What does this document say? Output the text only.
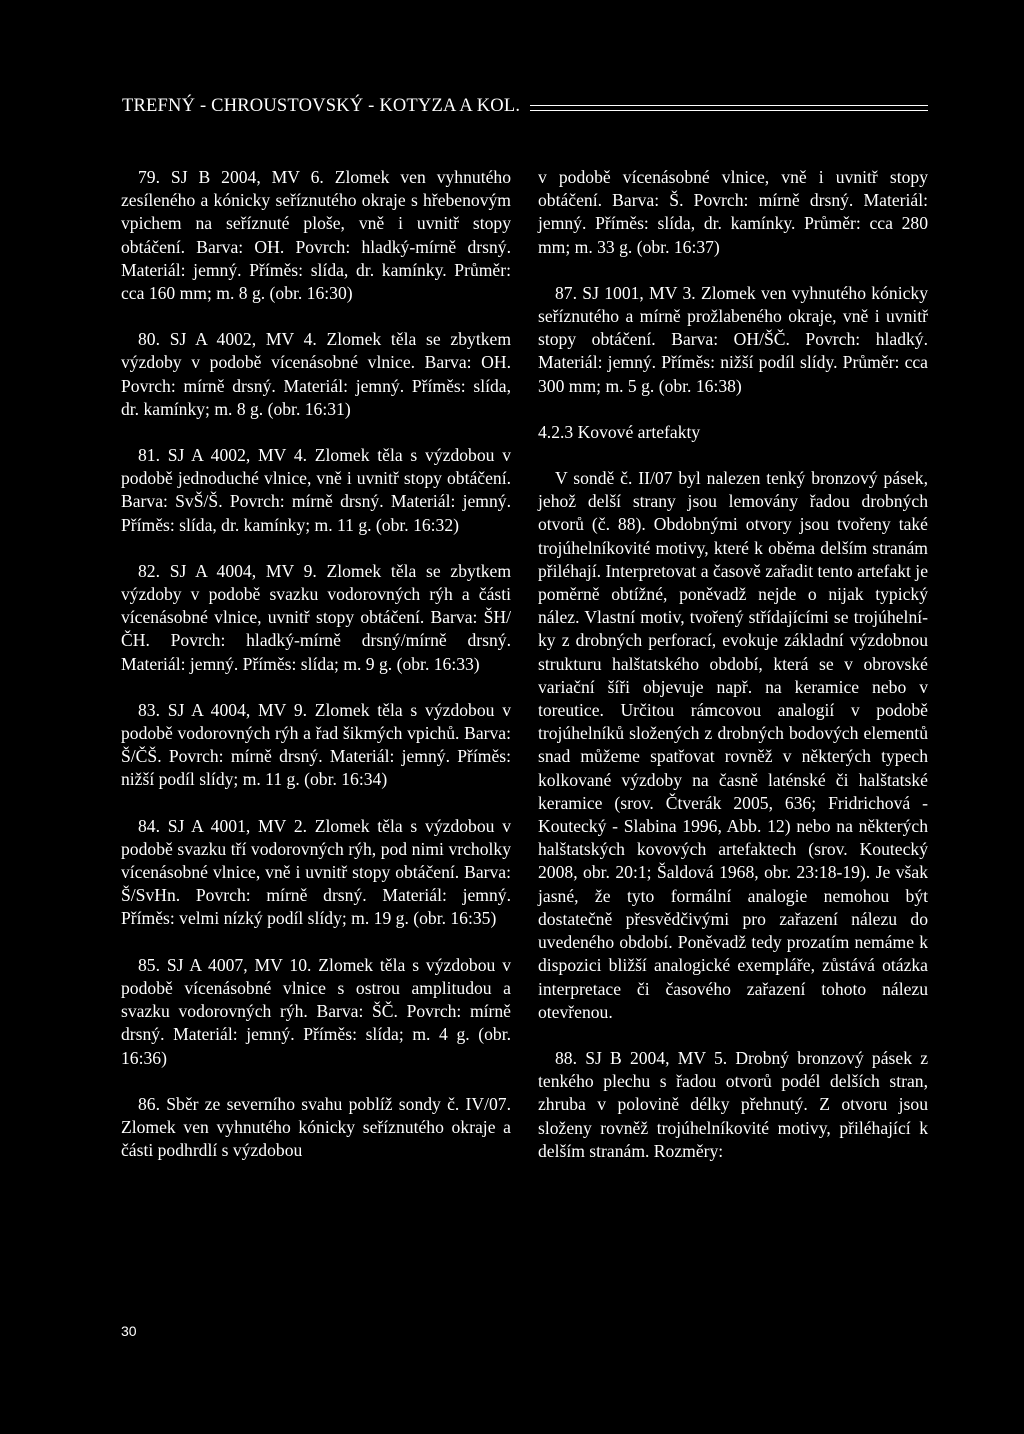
TREFNÝ - CHROUSTOVSKÝ - KOTYZA A KOL.

79. SJ B 2004, MV 6. Zlomek ven vyhnutého zesíleného a kónicky seříznutého okraje s hřebenovým vpichem na seříznuté ploše, vně i uvnitř stopy obtáčení. Barva: OH. Povrch: hladký-mírně drsný. Materiál: jemný. Příměs: slída, dr. kamínky. Průměr: cca 160 mm; m. 8 g. (obr. 16:30)

80. SJ A 4002, MV 4. Zlomek těla se zbytkem výzdoby v podobě vícenásobné vlnice. Barva: OH. Povrch: mírně drsný. Materiál: jemný. Příměs: slída, dr. kamínky; m. 8 g. (obr. 16:31)

81. SJ A 4002, MV 4. Zlomek těla s výzdobou v podobě jednoduché vlnice, vně i uvnitř stopy obtáčení. Barva: SvŠ/Š. Povrch: mírně drsný. Materiál: jemný. Příměs: slída, dr. kamínky; m. 11 g. (obr. 16:32)

82. SJ A 4004, MV 9. Zlomek těla se zbytkem výzdoby v podobě svazku vodorovných rýh a části vícenásobné vlnice, uvnitř stopy obtáčení. Barva: ŠH/ČH. Povrch: hladký-mírně drsný/mírně drsný. Materiál: jemný. Příměs: slída; m. 9 g. (obr. 16:33)

83. SJ A 4004, MV 9. Zlomek těla s výzdobou v podobě vodorovných rýh a řad šikmých vpichů. Barva: Š/ČŠ. Povrch: mírně drsný. Materiál: jemný. Příměs: nižší podíl slídy; m. 11 g. (obr. 16:34)

84. SJ A 4001, MV 2. Zlomek těla s výzdobou v podobě svazku tří vodorovných rýh, pod nimi vrcholky vícenásobné vlnice, vně i uvnitř stopy obtáčení. Barva: Š/SvHn. Povrch: mírně drsný. Materiál: jemný. Příměs: velmi nízký podíl slídy; m. 19 g. (obr. 16:35)

85. SJ A 4007, MV 10. Zlomek těla s výzdobou v podobě vícenásobné vlnice s ostrou amplitudou a svazku vodorovných rýh. Barva: ŠČ. Povrch: mírně drsný. Materiál: jemný. Příměs: slída; m. 4 g. (obr. 16:36)

86. Sběr ze severního svahu poblíž sondy č. IV/07. Zlomek ven vyhnutého kónicky seříznutého okraje a části podhrdlí s výzdobou

v podobě vícenásobné vlnice, vně i uvnitř stopy obtáčení. Barva: Š. Povrch: mírně drsný. Materiál: jemný. Příměs: slída, dr. kamínky. Průměr: cca 280 mm; m. 33 g. (obr. 16:37)

87. SJ 1001, MV 3. Zlomek ven vyhnutého kónicky seříznutého a mírně prožlabeného okraje, vně i uvnitř stopy obtáčení. Barva: OH/ŠČ. Povrch: hladký. Materiál: jemný. Příměs: nižší podíl slídy. Průměr: cca 300 mm; m. 5 g. (obr. 16:38)

4.2.3 Kovové artefakty

V sondě č. II/07 byl nalezen tenký bronzový pásek, jehož delší strany jsou lemovány řadou drobných otvorů (č. 88). Obdobnými otvory jsou tvořeny také trojúhelníkovité motivy, které k oběma delším stranám přiléhají. Interpretovat a časově zařadit tento artefakt je poměrně obtížné, poněvadž nejde o nijak typický nález. Vlastní motiv, tvořený střídajícími se trojúhelníky z drobných perforací, evokuje základní výzdobnou strukturu halštatského období, která se v obrovské variační šíři objevuje např. na keramice nebo v toreutice. Určitou rámcovou analogií v podobě trojúhelníků složených z drobných bodových elementů snad můžeme spatřovat rovněž v některých typech kolkované výzdoby na časně laténské či halštatské keramice (srov. Čtverák 2005, 636; Fridrichová - Koutecký - Slabina 1996, Abb. 12) nebo na některých halštatských kovových artefaktech (srov. Koutecký 2008, obr. 20:1; Šaldová 1968, obr. 23:18-19). Je však jasné, že tyto formální analogie nemohou být dostatečně přesvědčivými pro zařazení nálezu do uvedeného období. Poněvadž tedy prozatím nemáme k dispozici bližší analogické exempláře, zůstává otázka interpretace či časového zařazení tohoto nálezu otevřenou.

88. SJ B 2004, MV 5. Drobný bronzový pásek z tenkého plechu s řadou otvorů podél delších stran, zhruba v polovině délky přehnutý. Z otvoru jsou složeny rovněž trojúhelníkovité motivy, přiléhající k delším stranám. Rozměry:

30
